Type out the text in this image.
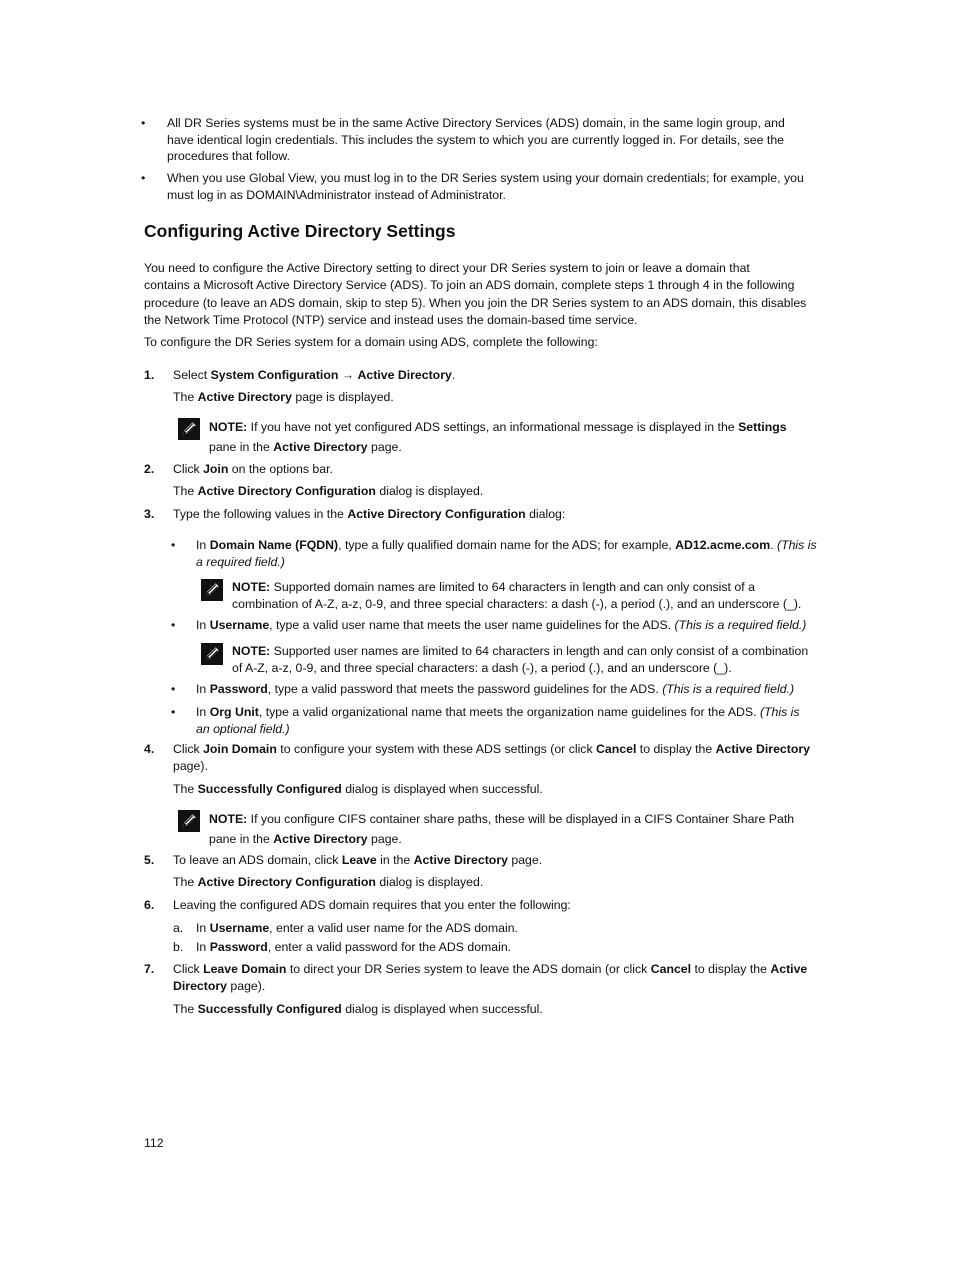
• All DR Series systems must be in the same Active Directory Services (ADS) domain, in the same login group, and
have identical login credentials. This includes the system to which you are currently logged in. For details, see the
procedures that follow.
• When you use Global View, you must log in to the DR Series system using your domain credentials; for example, you
must log in as DOMAIN\Administrator instead of Administrator.
Configuring Active Directory Settings
You need to configure the Active Directory setting to direct your DR Series system to join or leave a domain that
contains a Microsoft Active Directory Service (ADS). To join an ADS domain, complete steps 1 through 4 in the following
procedure (to leave an ADS domain, skip to step 5). When you join the DR Series system to an ADS domain, this disables
the Network Time Protocol (NTP) service and instead uses the domain-based time service.
To configure the DR Series system for a domain using ADS, complete the following:
1. Select System Configuration → Active Directory.
The Active Directory page is displayed.
NOTE: If you have not yet configured ADS settings, an informational message is displayed in the Settings
pane in the Active Directory page.
2. Click Join on the options bar.
The Active Directory Configuration dialog is displayed.
3. Type the following values in the Active Directory Configuration dialog:
• In Domain Name (FQDN), type a fully qualified domain name for the ADS; for example, AD12.acme.com. (This is
a required field.)
NOTE: Supported domain names are limited to 64 characters in length and can only consist of a
combination of A-Z, a-z, 0-9, and three special characters: a dash (-), a period (.), and an underscore (_).
• In Username, type a valid user name that meets the user name guidelines for the ADS. (This is a required field.)
NOTE: Supported user names are limited to 64 characters in length and can only consist of a combination
of A-Z, a-z, 0-9, and three special characters: a dash (-), a period (.), and an underscore (_).
• In Password, type a valid password that meets the password guidelines for the ADS. (This is a required field.)
• In Org Unit, type a valid organizational name that meets the organization name guidelines for the ADS. (This is
an optional field.)
4. Click Join Domain to configure your system with these ADS settings (or click Cancel to display the Active Directory
page).
The Successfully Configured dialog is displayed when successful.
NOTE: If you configure CIFS container share paths, these will be displayed in a CIFS Container Share Path
pane in the Active Directory page.
5. To leave an ADS domain, click Leave in the Active Directory page.
The Active Directory Configuration dialog is displayed.
6. Leaving the configured ADS domain requires that you enter the following:
a. In Username, enter a valid user name for the ADS domain.
b. In Password, enter a valid password for the ADS domain.
7. Click Leave Domain to direct your DR Series system to leave the ADS domain (or click Cancel to display the Active
Directory page).
The Successfully Configured dialog is displayed when successful.
112
